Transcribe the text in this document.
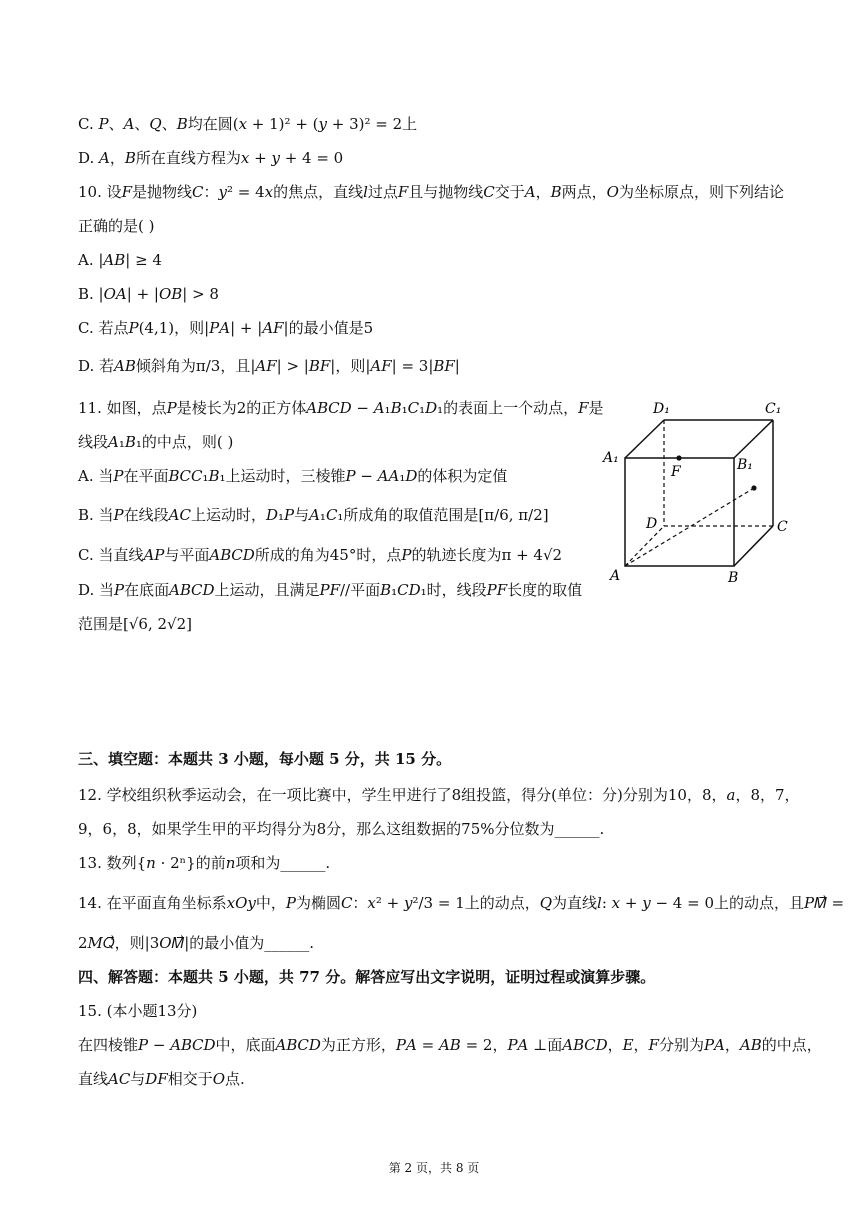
C. 𝑃、𝐴、𝑄、𝐵均在圆(𝑥 + 1)² + (𝑦 + 3)² = 2上
D. 𝐴，𝐵所在直线方程为𝑥 + 𝑦 + 4 = 0
10. 设𝐹是抛物线𝐶：𝑦² = 4𝑥的焦点，直线𝑙过点𝐹且与抛物线𝐶交于𝐴，𝐵两点，𝑂为坐标原点，则下列结论
正确的是( )
A. |𝐴𝐵| ≥ 4
B. |𝑂𝐴| + |𝑂𝐵| > 8
C. 若点𝑃(4,1)，则|𝑃𝐴| + |𝐴𝐹|的最小值是5
D. 若𝐴𝐵倾斜角为π/3，且|𝐴𝐹| > |𝐵𝐹|，则|𝐴𝐹| = 3|𝐵𝐹|
11. 如图，点𝑃是棱长为2的正方体𝐴𝐵𝐶𝐷 − 𝐴₁𝐵₁𝐶₁𝐷₁的表面上一个动点，𝐹是
线段𝐴₁𝐵₁的中点，则( )
A. 当𝑃在平面𝐵𝐶𝐶₁𝐵₁上运动时，三棱锥𝑃 − 𝐴𝐴₁𝐷的体积为定值
B. 当𝑃在线段𝐴𝐶上运动时，𝐷₁𝑃与𝐴₁𝐶₁所成角的取值范围是[π/6, π/2]
C. 当直线𝐴𝑃与平面𝐴𝐵𝐶𝐷所成的角为45°时，点𝑃的轨迹长度为π + 4√2
D. 当𝑃在底面𝐴𝐵𝐶𝐷上运动，且满足𝑃𝐹//平面𝐵₁𝐶𝐷₁时，线段𝑃𝐹长度的取值
范围是[√6, 2√2]
D₁	C₁
A₁	B₁
F
D	C
A	B
三、填空题：本题共 3 小题，每小题 5 分，共 15 分。
12. 学校组织秋季运动会，在一项比赛中，学生甲进行了8组投篮，得分(单位：分)分别为10，8，𝑎，8，7，
9，6，8，如果学生甲的平均得分为8分，那么这组数据的75%分位数为______.
13. 数列{𝑛 · 2ⁿ}的前𝑛项和为______.
14. 在平面直角坐标系𝑥𝑂𝑦中，𝑃为椭圆𝐶：𝑥² + 𝑦²/3 = 1上的动点，𝑄为直线𝑙: 𝑥 + 𝑦 − 4 = 0上的动点，且𝑃𝑀⃗ =
2𝑀𝑄⃗，则|3𝑂𝑀⃗|的最小值为______.
四、解答题：本题共 5 小题，共 77 分。解答应写出文字说明，证明过程或演算步骤。
15. (本小题13分)
在四棱锥𝑃 − 𝐴𝐵𝐶𝐷中，底面𝐴𝐵𝐶𝐷为正方形，𝑃𝐴 = 𝐴𝐵 = 2，𝑃𝐴 ⊥面𝐴𝐵𝐶𝐷，𝐸，𝐹分别为𝑃𝐴，𝐴𝐵的中点，
直线𝐴𝐶与𝐷𝐹相交于𝑂点.
第 2 页，共 8 页
